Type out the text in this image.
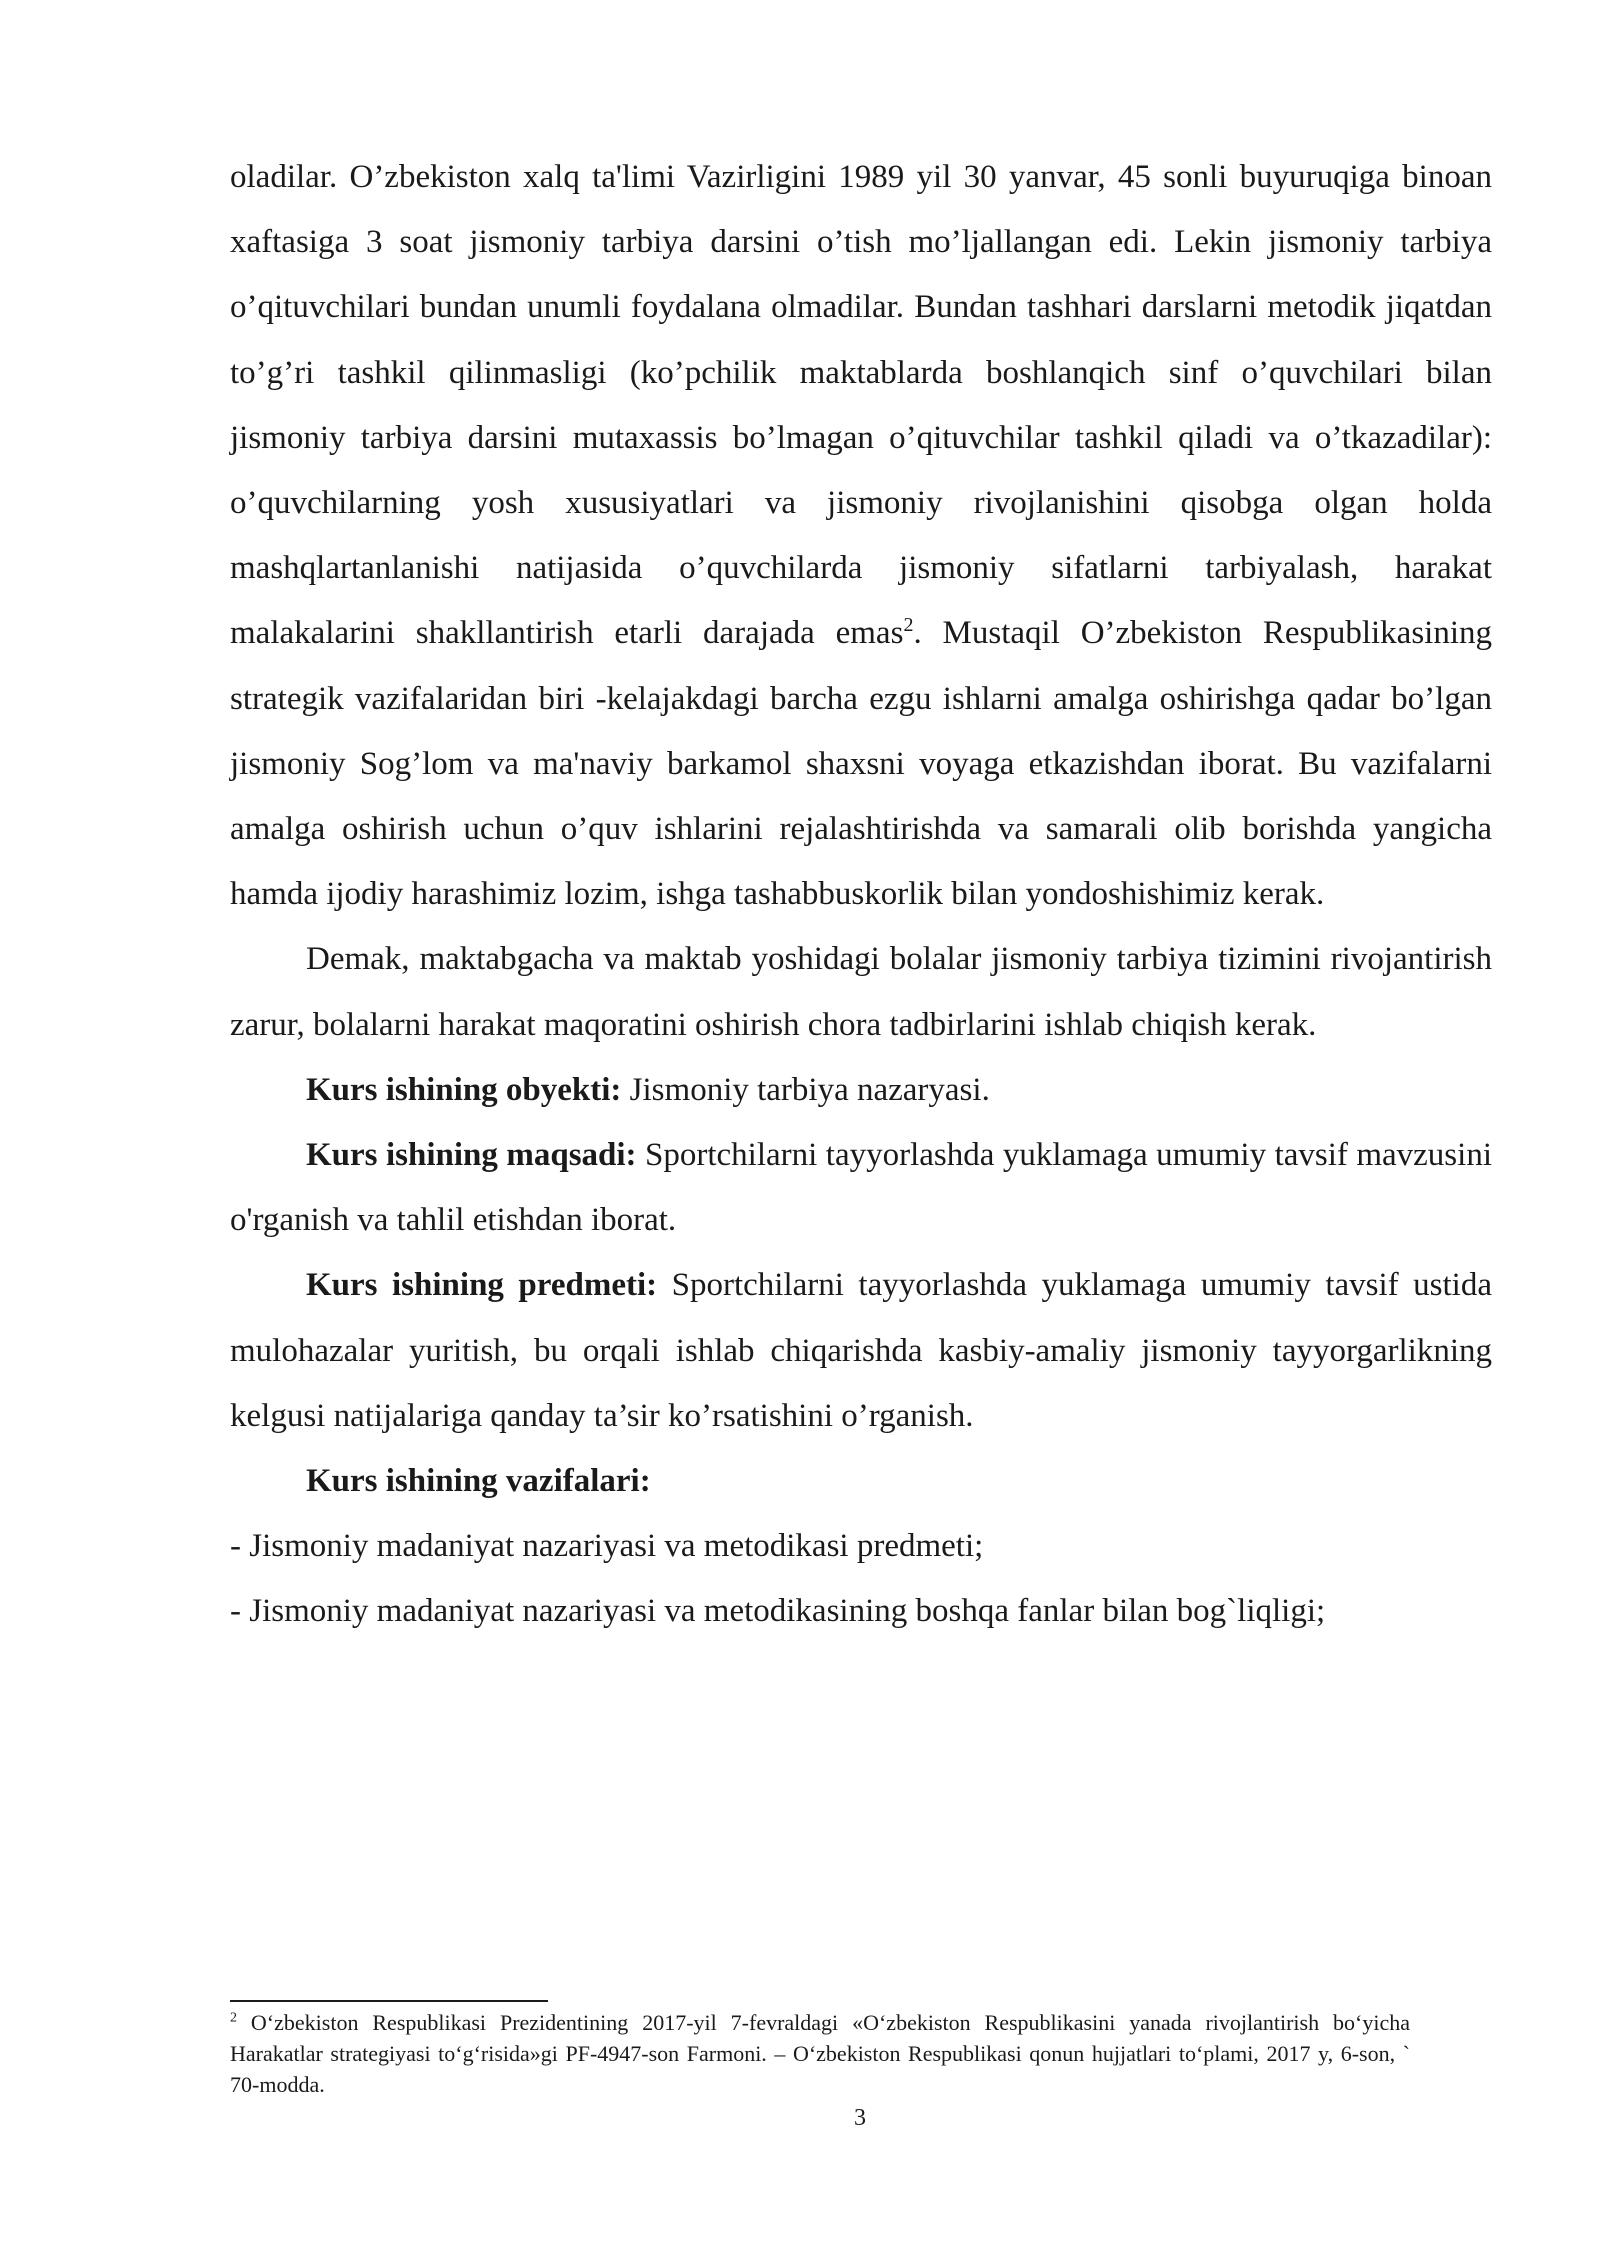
oladilar. O’zbekiston xalq ta'limi Vazirligini 1989 yil 30 yanvar, 45 sonli buyuruqiga binoan xaftasiga 3 soat jismoniy tarbiya darsini o’tish mo’ljallangan edi. Lekin jismoniy tarbiya o’qituvchilari bundan unumli foydalana olmadilar. Bundan tashhari darslarni metodik jiqatdan to’g’ri tashkil qilinmasligi (ko’pchilik maktablarda boshlanqich sinf o’quvchilari bilan jismoniy tarbiya darsini mutaxassis bo’lmagan o’qituvchilar tashkil qiladi va o’tkazadilar): o’quvchilarning yosh xususiyatlari va jismoniy rivojlanishini qisobga olgan holda mashqlartanlanishi natijasida o’quvchilarda jismoniy sifatlarni tarbiyalash, harakat malakalarini shakllantirish etarli darajada emas$^2$. Mustaqil O’zbekiston Respublikasining strategik vazifalaridan biri -kelajakdagi barcha ezgu ishlarni amalga oshirishga qadar bo’lgan jismoniy Sog’lom va ma'naviy barkamol shaxsni voyaga etkazishdan iborat. Bu vazifalarni amalga oshirish uchun o’quv ishlarini rejalashtirishda va samarali olib borishda yangicha hamda ijodiy harashimiz lozim, ishga tashabbuskorlik bilan yondoshishimiz kerak.

Demak, maktabgacha va maktab yoshidagi bolalar jismoniy tarbiya tizimini rivojantirish zarur, bolalarni harakat maqoratini oshirish chora tadbirlarini ishlab chiqish kerak.

Kurs ishining obyekti: Jismoniy tarbiya nazaryasi.

Kurs ishining maqsadi: Sportchilarni tayyorlashda yuklamaga umumiy tavsif mavzusini o'rganish va tahlil etishdan iborat.

Kurs ishining predmeti: Sportchilarni tayyorlashda yuklamaga umumiy tavsif ustida mulohazalar yuritish, bu orqali ishlab chiqarishda kasbiy-amaliy jismoniy tayyorgarlikning kelgusi natijalariga qanday ta’sir ko’rsatishini o’rganish.

Kurs ishining vazifalari:

- Jismoniy madaniyat nazariyasi va metodikasi predmeti;

- Jismoniy madaniyat nazariyasi va metodikasining boshqa fanlar bilan bog`liqligi;

$^2$ O‘zbekiston Respublikasi Prezidentining 2017-yil 7-fevraldagi «O‘zbekiston Respublikasini yanada rivojlantirish bo‘yicha Harakatlar strategiyasi to‘g‘risida»gi PF-4947-son Farmoni. – O‘zbekiston Respublikasi qonun hujjatlari to‘plami, 2017 y, 6-son, ` 70-modda.
3
